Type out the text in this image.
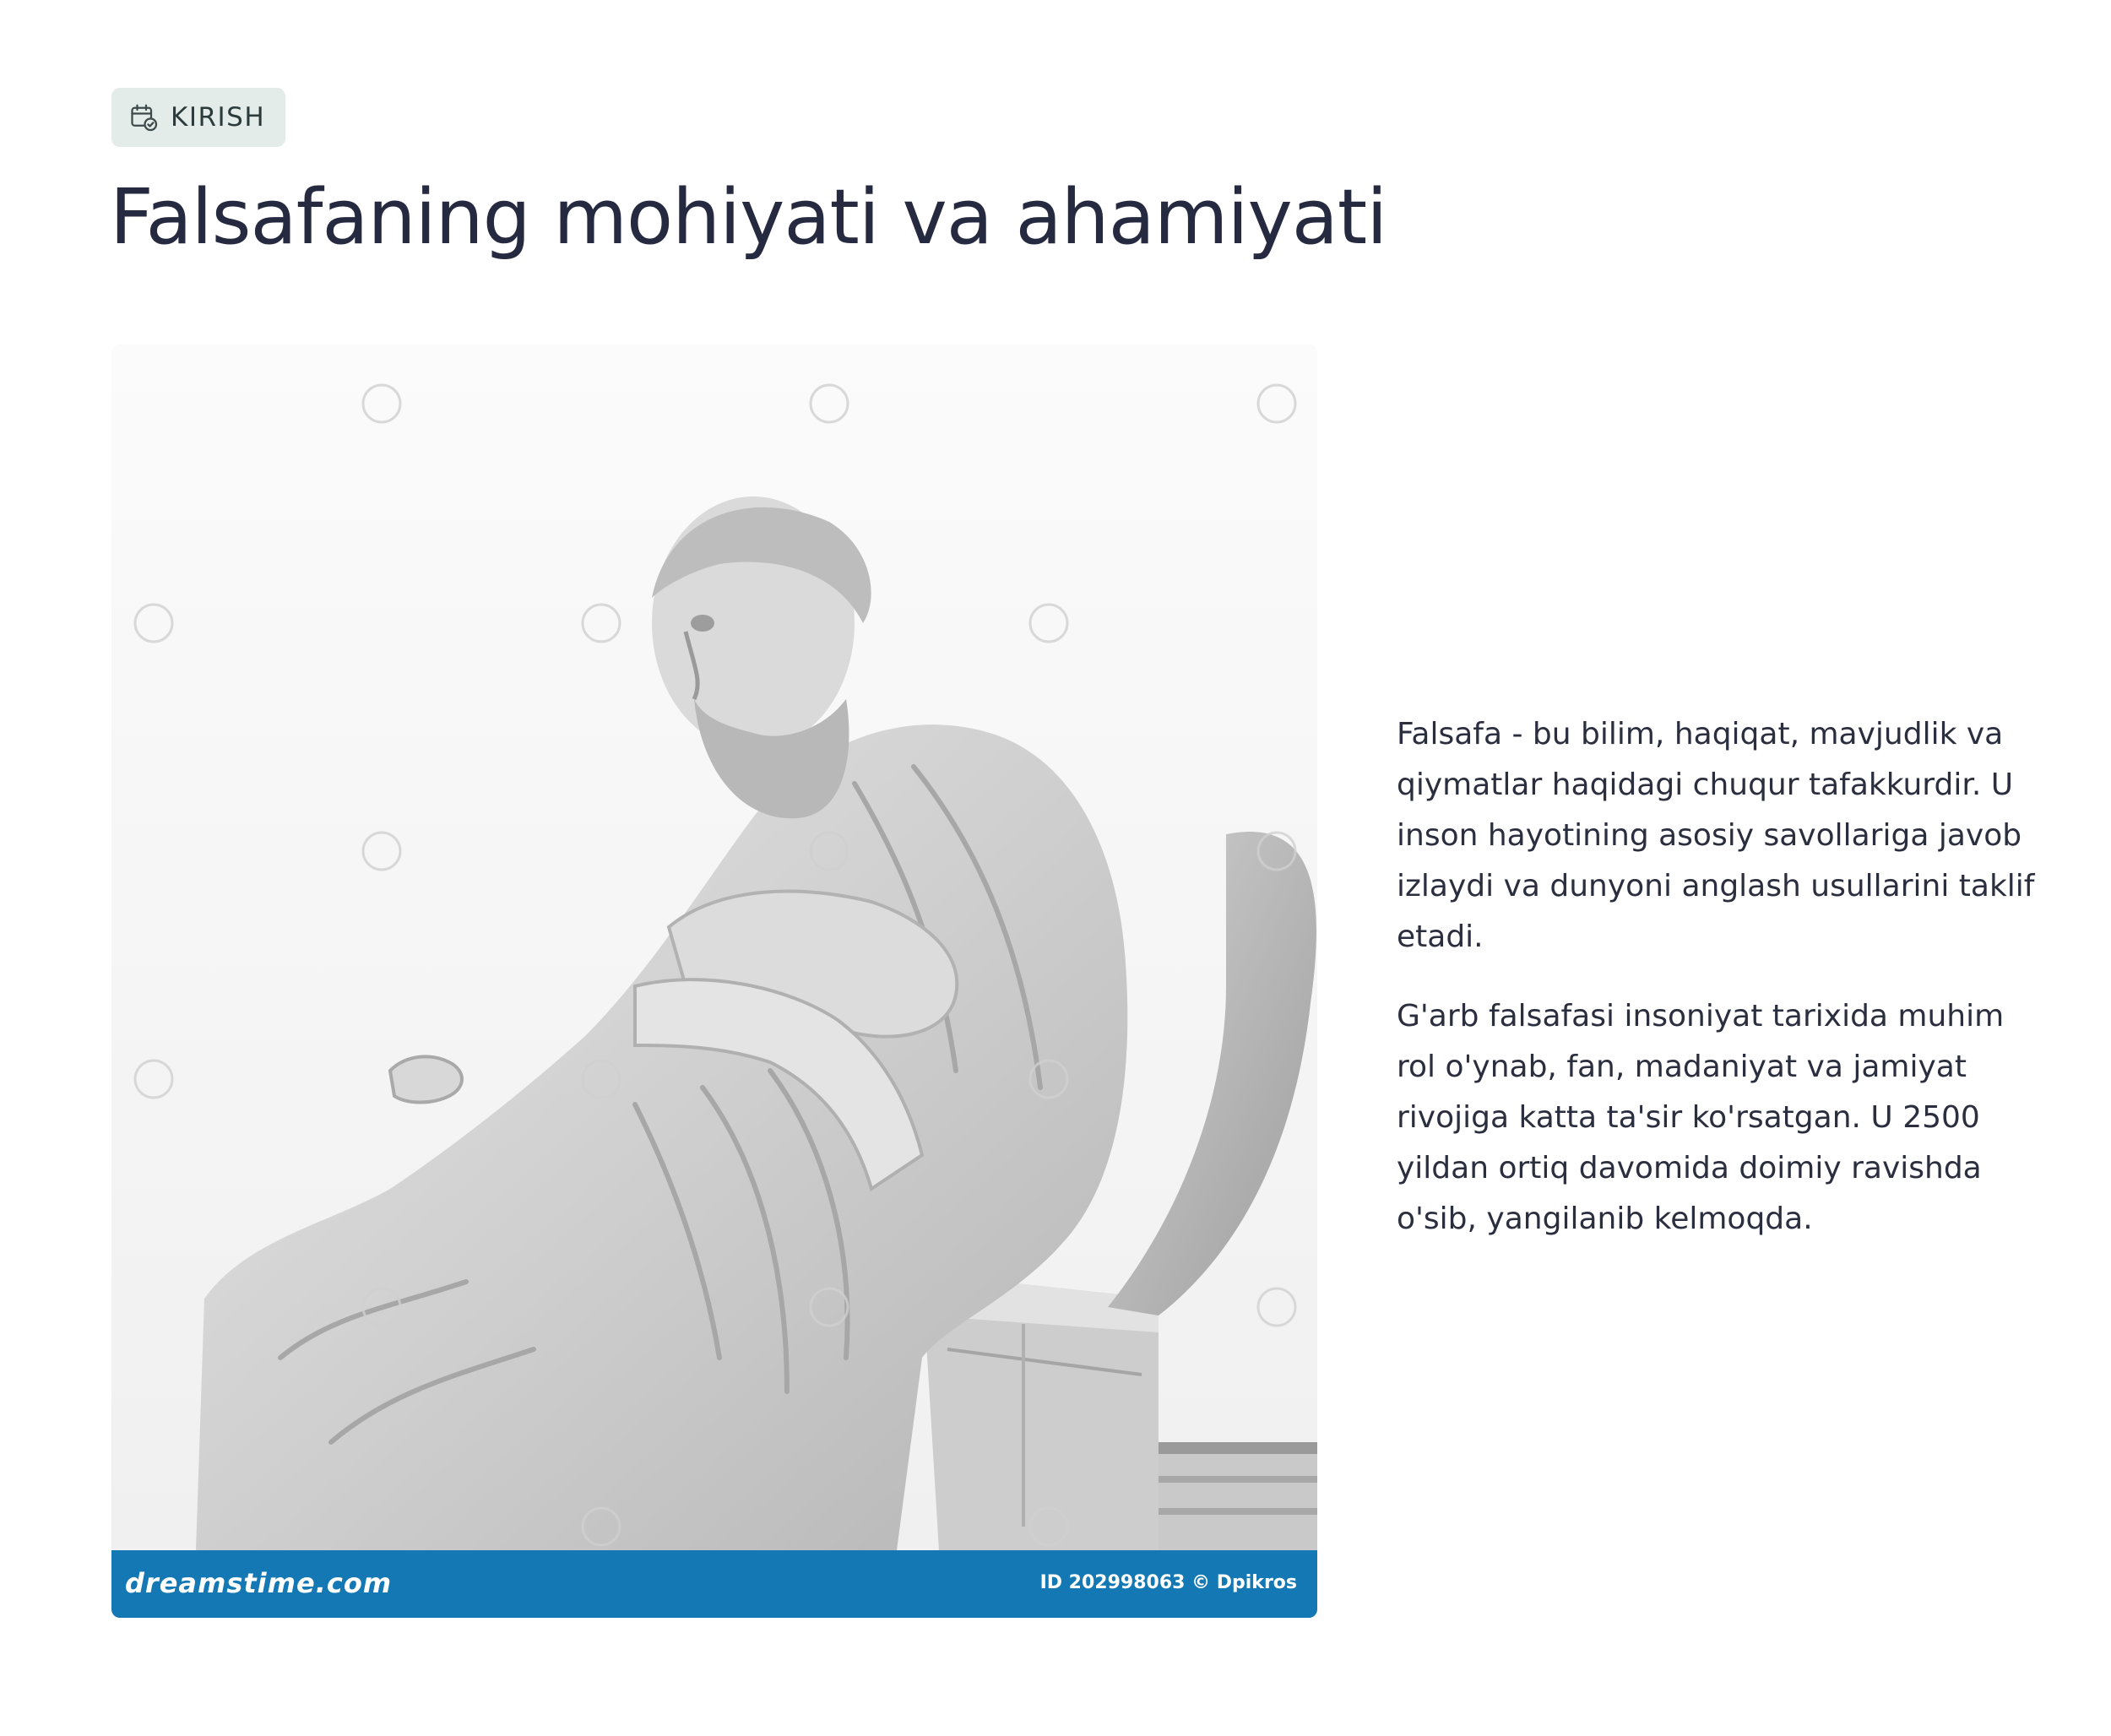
KIRISH
Falsafaning mohiyati va ahamiyati
dreamstime.com	ID 202998063 © Dpikros

Falsafa - bu bilim, haqiqat, mavjudlik va qiymatlar haqidagi chuqur tafakkurdir. U inson hayotining asosiy savollariga javob izlaydi va dunyoni anglash usullarini taklif etadi.

G'arb falsafasi insoniyat tarixida muhim rol o'ynab, fan, madaniyat va jamiyat rivojiga katta ta'sir ko'rsatgan. U 2500 yildan ortiq davomida doimiy ravishda o'sib, yangilanib kelmoqda.
